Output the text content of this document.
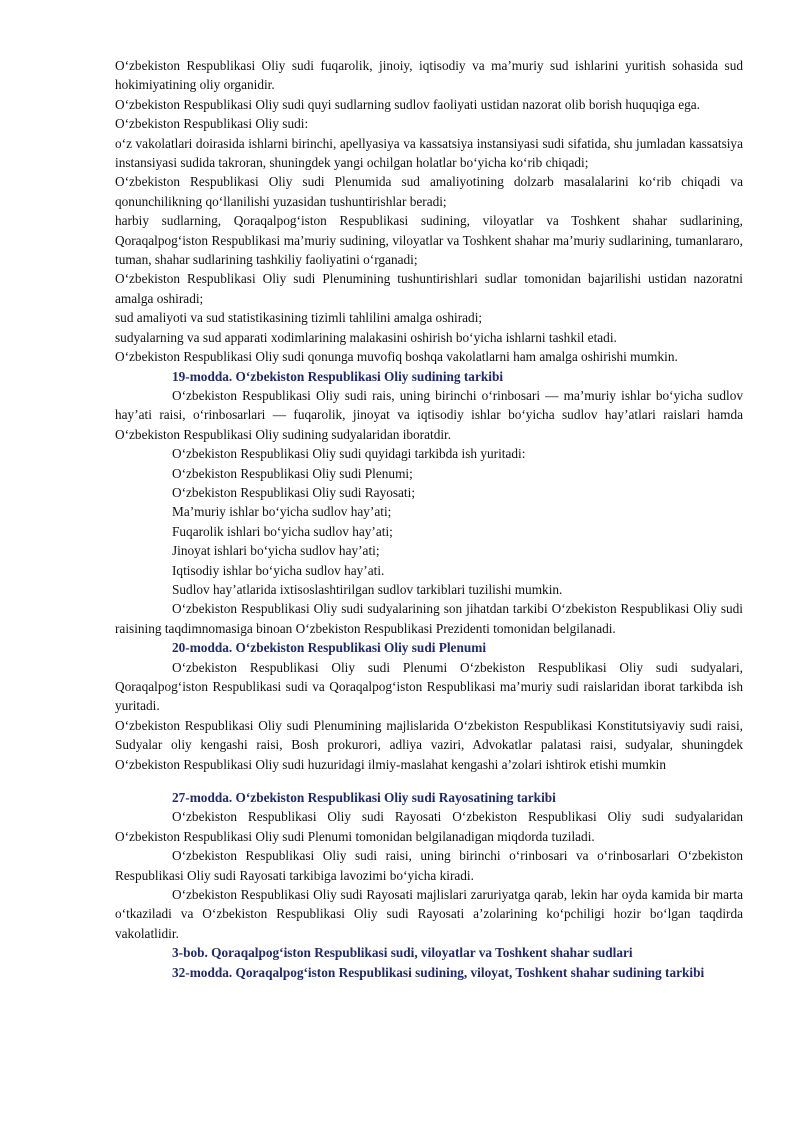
O‘zbekiston Respublikasi Oliy sudi fuqarolik, jinoiy, iqtisodiy va ma’muriy sud ishlarini yuritish sohasida sud hokimiyatining oliy organidir.

O‘zbekiston Respublikasi Oliy sudi quyi sudlarning sudlov faoliyati ustidan nazorat olib borish huquqiga ega.

O‘zbekiston Respublikasi Oliy sudi:

o‘z vakolatlari doirasida ishlarni birinchi, apellyasiya va kassatsiya instansiyasi sudi sifatida, shu jumladan kassatsiya instansiyasi sudida takroran, shuningdek yangi ochilgan holatlar bo‘yicha ko‘rib chiqadi;

O‘zbekiston Respublikasi Oliy sudi Plenumida sud amaliyotining dolzarb masalalarini ko‘rib chiqadi va qonunchilikning qo‘llanilishi yuzasidan tushuntirishlar beradi;

harbiy sudlarning, Qoraqalpog‘iston Respublikasi sudining, viloyatlar va Toshkent shahar sudlarining, Qoraqalpog‘iston Respublikasi ma’muriy sudining, viloyatlar va Toshkent shahar ma’muriy sudlarining, tumanlararo, tuman, shahar sudlarining tashkiliy faoliyatini o‘rganadi;

O‘zbekiston Respublikasi Oliy sudi Plenumining tushuntirishlari sudlar tomonidan bajarilishi ustidan nazoratni amalga oshiradi;

sud amaliyoti va sud statistikasining tizimli tahlilini amalga oshiradi;

sudyalarning va sud apparati xodimlarining malakasini oshirish bo‘yicha ishlarni tashkil etadi.

O‘zbekiston Respublikasi Oliy sudi qonunga muvofiq boshqa vakolatlarni ham amalga oshirishi mumkin.

19-modda. O‘zbekiston Respublikasi Oliy sudining tarkibi

O‘zbekiston Respublikasi Oliy sudi rais, uning birinchi o‘rinbosari — ma’muriy ishlar bo‘yicha sudlov hay’ati raisi, o‘rinbosarlari — fuqarolik, jinoyat va iqtisodiy ishlar bo‘yicha sudlov hay’atlari raislari hamda O‘zbekiston Respublikasi Oliy sudining sudyalaridan iboratdir.

O‘zbekiston Respublikasi Oliy sudi quyidagi tarkibda ish yuritadi:

O‘zbekiston Respublikasi Oliy sudi Plenumi;

O‘zbekiston Respublikasi Oliy sudi Rayosati;

Ma’muriy ishlar bo‘yicha sudlov hay’ati;

Fuqarolik ishlari bo‘yicha sudlov hay’ati;

Jinoyat ishlari bo‘yicha sudlov hay’ati;

Iqtisodiy ishlar bo‘yicha sudlov hay’ati.

Sudlov hay’atlarida ixtisoslashtirilgan sudlov tarkiblari tuzilishi mumkin.

O‘zbekiston Respublikasi Oliy sudi sudyalarining son jihatdan tarkibi O‘zbekiston Respublikasi Oliy sudi raisining taqdimnomasiga binoan O‘zbekiston Respublikasi Prezidenti tomonidan belgilanadi.

20-modda. O‘zbekiston Respublikasi Oliy sudi Plenumi

O‘zbekiston Respublikasi Oliy sudi Plenumi O‘zbekiston Respublikasi Oliy sudi sudyalari, Qoraqalpog‘iston Respublikasi sudi va Qoraqalpog‘iston Respublikasi ma’muriy sudi raislaridan iborat tarkibda ish yuritadi.

O‘zbekiston Respublikasi Oliy sudi Plenumining majlislarida O‘zbekiston Respublikasi Konstitutsiyaviy sudi raisi, Sudyalar oliy kengashi raisi, Bosh prokurori, adliya vaziri, Advokatlar palatasi raisi, sudyalar, shuningdek O‘zbekiston Respublikasi Oliy sudi huzuridagi ilmiy-maslahat kengashi a’zolari ishtirok etishi mumkin

27-modda. O‘zbekiston Respublikasi Oliy sudi Rayosatining tarkibi

O‘zbekiston Respublikasi Oliy sudi Rayosati O‘zbekiston Respublikasi Oliy sudi sudyalaridan O‘zbekiston Respublikasi Oliy sudi Plenumi tomonidan belgilanadigan miqdorda tuziladi.

O‘zbekiston Respublikasi Oliy sudi raisi, uning birinchi o‘rinbosari va o‘rinbosarlari O‘zbekiston Respublikasi Oliy sudi Rayosati tarkibiga lavozimi bo‘yicha kiradi.

O‘zbekiston Respublikasi Oliy sudi Rayosati majlislari zaruriyatga qarab, lekin har oyda kamida bir marta o‘tkaziladi va O‘zbekiston Respublikasi Oliy sudi Rayosati a’zolarining ko‘pchiligi hozir bo‘lgan taqdirda vakolatlidir.

3-bob. Qoraqalpog‘iston Respublikasi sudi, viloyatlar va Toshkent shahar sudlari

32-modda. Qoraqalpog‘iston Respublikasi sudining, viloyat, Toshkent shahar sudining tarkibi
